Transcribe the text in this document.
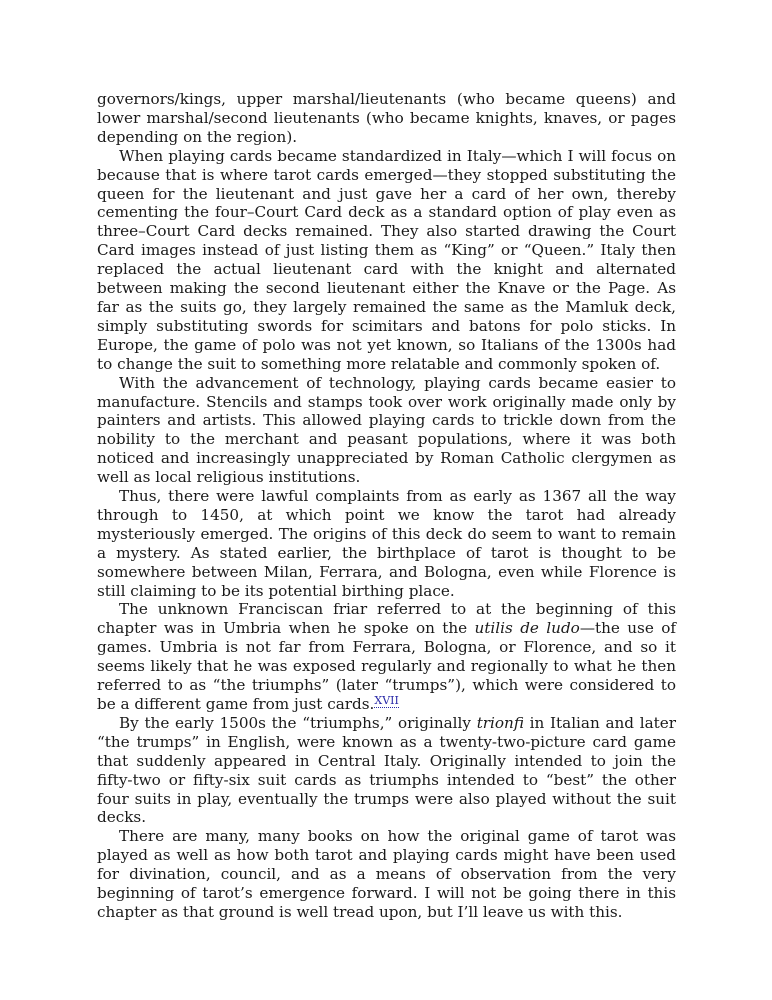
governors/kings, upper marshal/lieutenants (who became queens) and lower marshal/second lieutenants (who became knights, knaves, or pages depending on the region).

When playing cards became standardized in Italy—which I will focus on because that is where tarot cards emerged—they stopped substituting the queen for the lieutenant and just gave her a card of her own, thereby cementing the four–Court Card deck as a standard option of play even as three–Court Card decks remained. They also started drawing the Court Card images instead of just listing them as “King” or “Queen.” Italy then replaced the actual lieutenant card with the knight and alternated between making the second lieutenant either the Knave or the Page. As far as the suits go, they largely remained the same as the Mamluk deck, simply substituting swords for scimitars and batons for polo sticks. In Europe, the game of polo was not yet known, so Italians of the 1300s had to change the suit to something more relatable and commonly spoken of.

With the advancement of technology, playing cards became easier to manufacture. Stencils and stamps took over work originally made only by painters and artists. This allowed playing cards to trickle down from the nobility to the merchant and peasant populations, where it was both noticed and increasingly unappreciated by Roman Catholic clergymen as well as local religious institutions.

Thus, there were lawful complaints from as early as 1367 all the way through to 1450, at which point we know the tarot had already mysteriously emerged. The origins of this deck do seem to want to remain a mystery. As stated earlier, the birthplace of tarot is thought to be somewhere between Milan, Ferrara, and Bologna, even while Florence is still claiming to be its potential birthing place.

The unknown Franciscan friar referred to at the beginning of this chapter was in Umbria when he spoke on the utilis de ludo—the use of games. Umbria is not far from Ferrara, Bologna, or Florence, and so it seems likely that he was exposed regularly and regionally to what he then referred to as “the triumphs” (later “trumps”), which were considered to be a different game from just cards.$^{XVII}$

By the early 1500s the “triumphs,” originally trionfi in Italian and later “the trumps” in English, were known as a twenty-two-picture card game that suddenly appeared in Central Italy. Originally intended to join the fifty-two or fifty-six suit cards as triumphs intended to “best” the other four suits in play, eventually the trumps were also played without the suit decks.

There are many, many books on how the original game of tarot was played as well as how both tarot and playing cards might have been used for divination, council, and as a means of observation from the very beginning of tarot’s emergence forward. I will not be going there in this chapter as that ground is well tread upon, but I’ll leave us with this.
